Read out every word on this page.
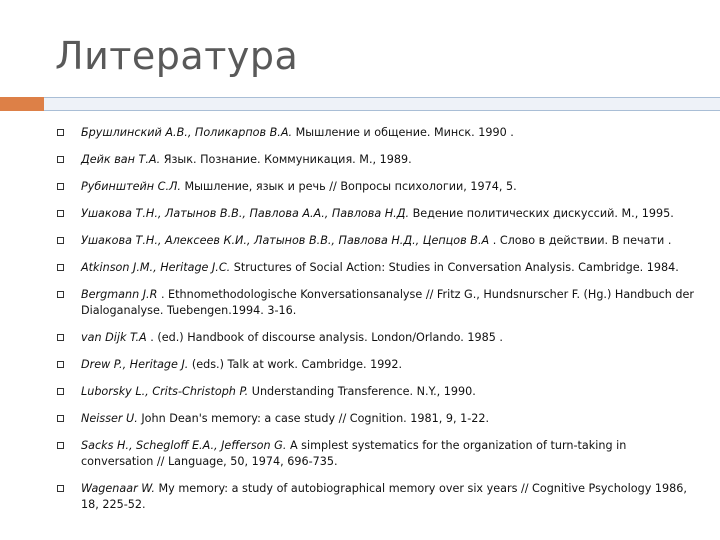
Литература
Брушлинский А.В., Поликарпов В.А. Мышление и общение. Минск. 1990 .
Дейк ван Т.А. Язык. Познание. Коммуникация. М., 1989.
Рубинштейн С.Л. Мышление, язык и речь // Вопросы психологии, 1974, 5.
Ушакова Т.Н., Латынов В.В., Павлова А.А., Павлова Н.Д. Ведение политических дискуссий. М., 1995.
Ушакова Т.Н., Алексеев К.И., Латынов В.В., Павлова Н.Д., Цепцов В.А . Слово в действии. В печати .
Atkinson J.M., Heritage J.C. Structures of Social Action: Studies in Conversation Analysis. Cambridge. 1984.
Bergmann J.R . Ethnomethodologische Konversationsanalyse // Fritz G., Hundsnurscher F. (Hg.) Handbuch der Dialoganalyse. Tuebengen.1994. 3-16.
van Dijk T.A . (ed.) Handbook of discourse analysis. London/Orlando. 1985 .
Drew P., Heritage J. (eds.) Talk at work. Cambridge. 1992.
Luborsky L., Crits-Christoph P. Understanding Transference. N.Y., 1990.
Neisser U. John Dean's memory: a case study // Cognition. 1981, 9, 1-22.
Sacks H., Schegloff E.A., Jefferson G. A simplest systematics for the organization of turn-taking in conversation // Language, 50, 1974, 696-735.
Wagenaar W. My memory: a study of autobiographical memory over six years // Cognitive Psychology 1986, 18, 225-52.
